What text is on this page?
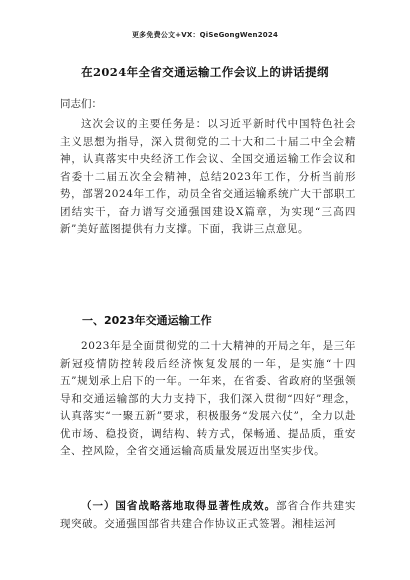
更多免费公文+VX：QiSeGongWen2024
在2024年全省交通运输工作会议上的讲话提纲
同志们：
这次会议的主要任务是：以习近平新时代中国特色社会主义思想为指导，深入贯彻党的二十大和二十届二中全会精神，认真落实中央经济工作会议、全国交通运输工作会议和省委十二届五次全会精神，总结2023年工作，分析当前形势，部署2024年工作，动员全省交通运输系统广大干部职工团结实干，奋力谱写交通强国建设X篇章，为实现“三高四新”美好蓝图提供有力支撑。下面，我讲三点意见。
一、2023年交通运输工作
2023年是全面贯彻党的二十大精神的开局之年，是三年新冠疫情防控转段后经济恢复发展的一年，是实施“十四五”规划承上启下的一年。一年来，在省委、省政府的坚强领导和交通运输部的大力支持下，我们深入贯彻“四好”理念，认真落实“一聚五新”要求，积极服务“发展六仗”，全力以赴优市场、稳投资，调结构、转方式，保畅通、提品质，重安全、控风险，全省交通运输高质量发展迈出坚实步伐。
（一）国省战略落地取得显著性成效。部省合作共建实现突破。交通强国部省共建合作协议正式签署。湘桂运河
